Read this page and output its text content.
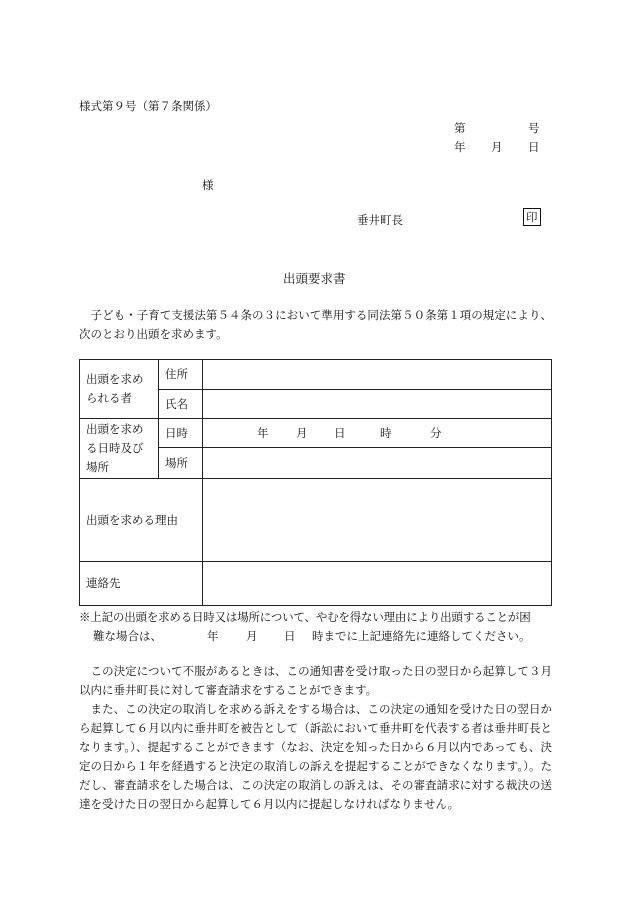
様式第９号（第７条関係）
第	号
年 月 日
様
垂井町長	印
出頭要求書
　子ども・子育て支援法第５４条の３において準用する同法第５０条第１項の規定により、次のとおり出頭を求めます。
出頭を求められる者	住所	
	氏名	
出頭を求める日時及び場所	日時	年 月 日 時 分

	場所	
出頭を求める理由		
連絡先		
※上記の出頭を求める日時又は場所について、やむを得ない理由により出頭することが困
難な場合は、	年 月 日 時までに上記連絡先に連絡してください。
　この決定について不服があるときは、この通知書を受け取った日の翌日から起算して３月以内に垂井町長に対して審査請求をすることができます。
　また、この決定の取消しを求める訴えをする場合は、この決定の通知を受けた日の翌日から起算して６月以内に垂井町を被告として（訴訟において垂井町を代表する者は垂井町長となります。）、提起することができます（なお、決定を知った日から６月以内であっても、決定の日から１年を経過すると決定の取消しの訴えを提起することができなくなります。）。ただし、審査請求をした場合は、この決定の取消しの訴えは、その審査請求に対する裁決の送達を受けた日の翌日から起算して６月以内に提起しなければなりません。
